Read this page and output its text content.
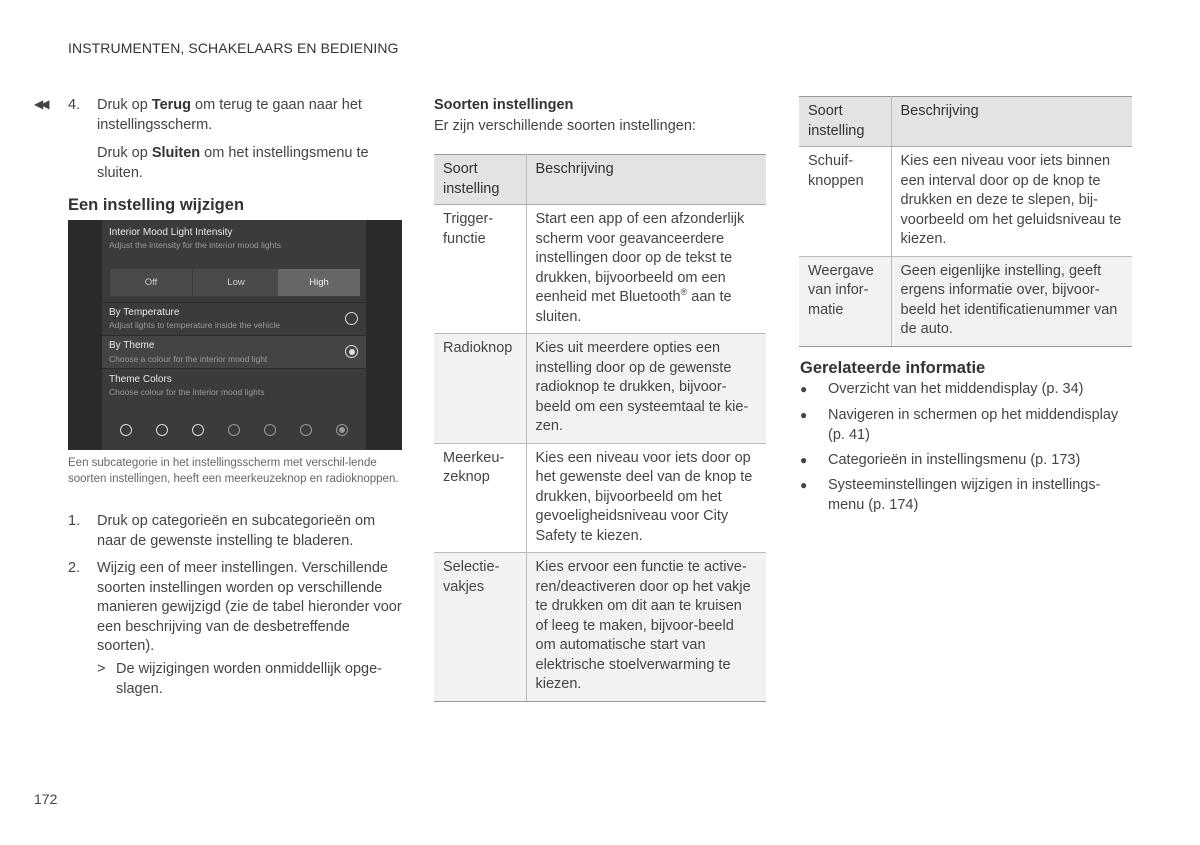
INSTRUMENTEN, SCHAKELAARS EN BEDIENING
◀◀ 4. Druk op Terug om terug te gaan naar het instellingsscherm.
Druk op Sluiten om het instellingsmenu te sluiten.
Een instelling wijzigen
Interior Mood Light Intensity
Adjust the intensity for the interior mood lights
Off	Low	High
By Temperature
Adjust lights to temperature inside the vehicle
By Theme
Choose a colour for the interior mood light
Theme Colors
Choose colour for the interior mood lights
Een subcategorie in het instellingsscherm met verschil-lende soorten instellingen, heeft een meerkeuzeknop en radioknoppen.
1. Druk op categorieën en subcategorieën om naar de gewenste instelling te bladeren.
2. Wijzig een of meer instellingen. Verschillende soorten instellingen worden op verschillende manieren gewijzigd (zie de tabel hieronder voor een beschrijving van de desbetreffende soorten).
> De wijzigingen worden onmiddellijk opge-slagen.
Soorten instellingen
Er zijn verschillende soorten instellingen:
Soort instelling	Beschrijving
Trigger-functie	Start een app of een afzonderlijk scherm voor geavanceerdere instellingen door op de tekst te drukken, bijvoorbeeld om een eenheid met Bluetooth® aan te sluiten.
Radioknop	Kies uit meerdere opties een instelling door op de gewenste radioknop te drukken, bijvoor-beeld om een systeemtaal te kie-zen.
Meerkeu-zeknop	Kies een niveau voor iets door op het gewenste deel van de knop te drukken, bijvoorbeeld om het gevoeligheidsniveau voor City Safety te kiezen.
Selectie-vakjes	Kies ervoor een functie te active-ren/deactiveren door op het vakje te drukken om dit aan te kruisen of leeg te maken, bijvoor-beeld om automatische start van elektrische stoelverwarming te kiezen.
Soort instelling	Beschrijving
Schuif-knoppen	Kies een niveau voor iets binnen een interval door op de knop te drukken en deze te slepen, bij-voorbeeld om het geluidsniveau te kiezen.
Weergave van infor-matie	Geen eigenlijke instelling, geeft ergens informatie over, bijvoor-beeld het identificatienummer van de auto.
Gerelateerde informatie
● Overzicht van het middendisplay (p. 34)
● Navigeren in schermen op het middendisplay (p. 41)
● Categorieën in instellingsmenu (p. 173)
● Systeeminstellingen wijzigen in instellings-menu (p. 174)
172
